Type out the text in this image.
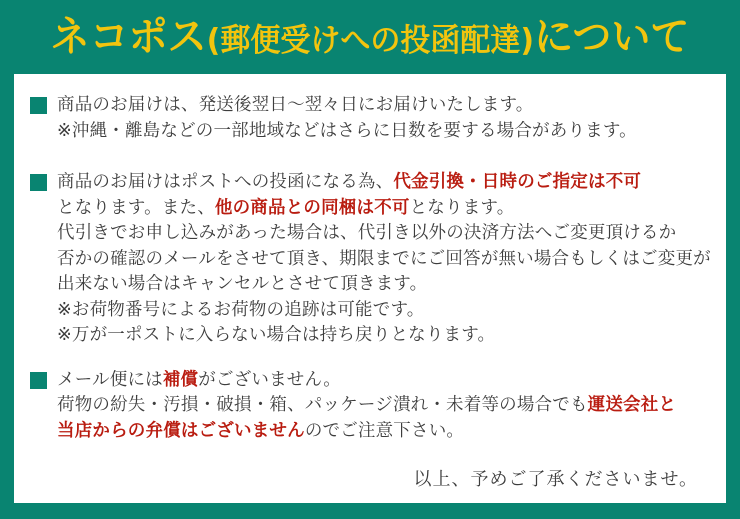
ネコポス(郵便受けへの投函配達)について
商品のお届けは、発送後翌日〜翌々日にお届けいたします。
※沖縄・離島などの一部地域などはさらに日数を要する場合があります。
商品のお届けはポストへの投函になる為、代金引換・日時のご指定は不可
となります。また、他の商品との同梱は不可となります。
代引きでお申し込みがあった場合は、代引き以外の決済方法へご変更頂けるか
否かの確認のメールをさせて頂き、期限までにご回答が無い場合もしくはご変更が
出来ない場合はキャンセルとさせて頂きます。
※お荷物番号によるお荷物の追跡は可能です。
※万が一ポストに入らない場合は持ち戻りとなります。
メール便には補償がございません。
荷物の紛失・汚損・破損・箱、パッケージ潰れ・未着等の場合でも運送会社と
当店からの弁償はございませんのでご注意下さい。
以上、予めご了承くださいませ。
